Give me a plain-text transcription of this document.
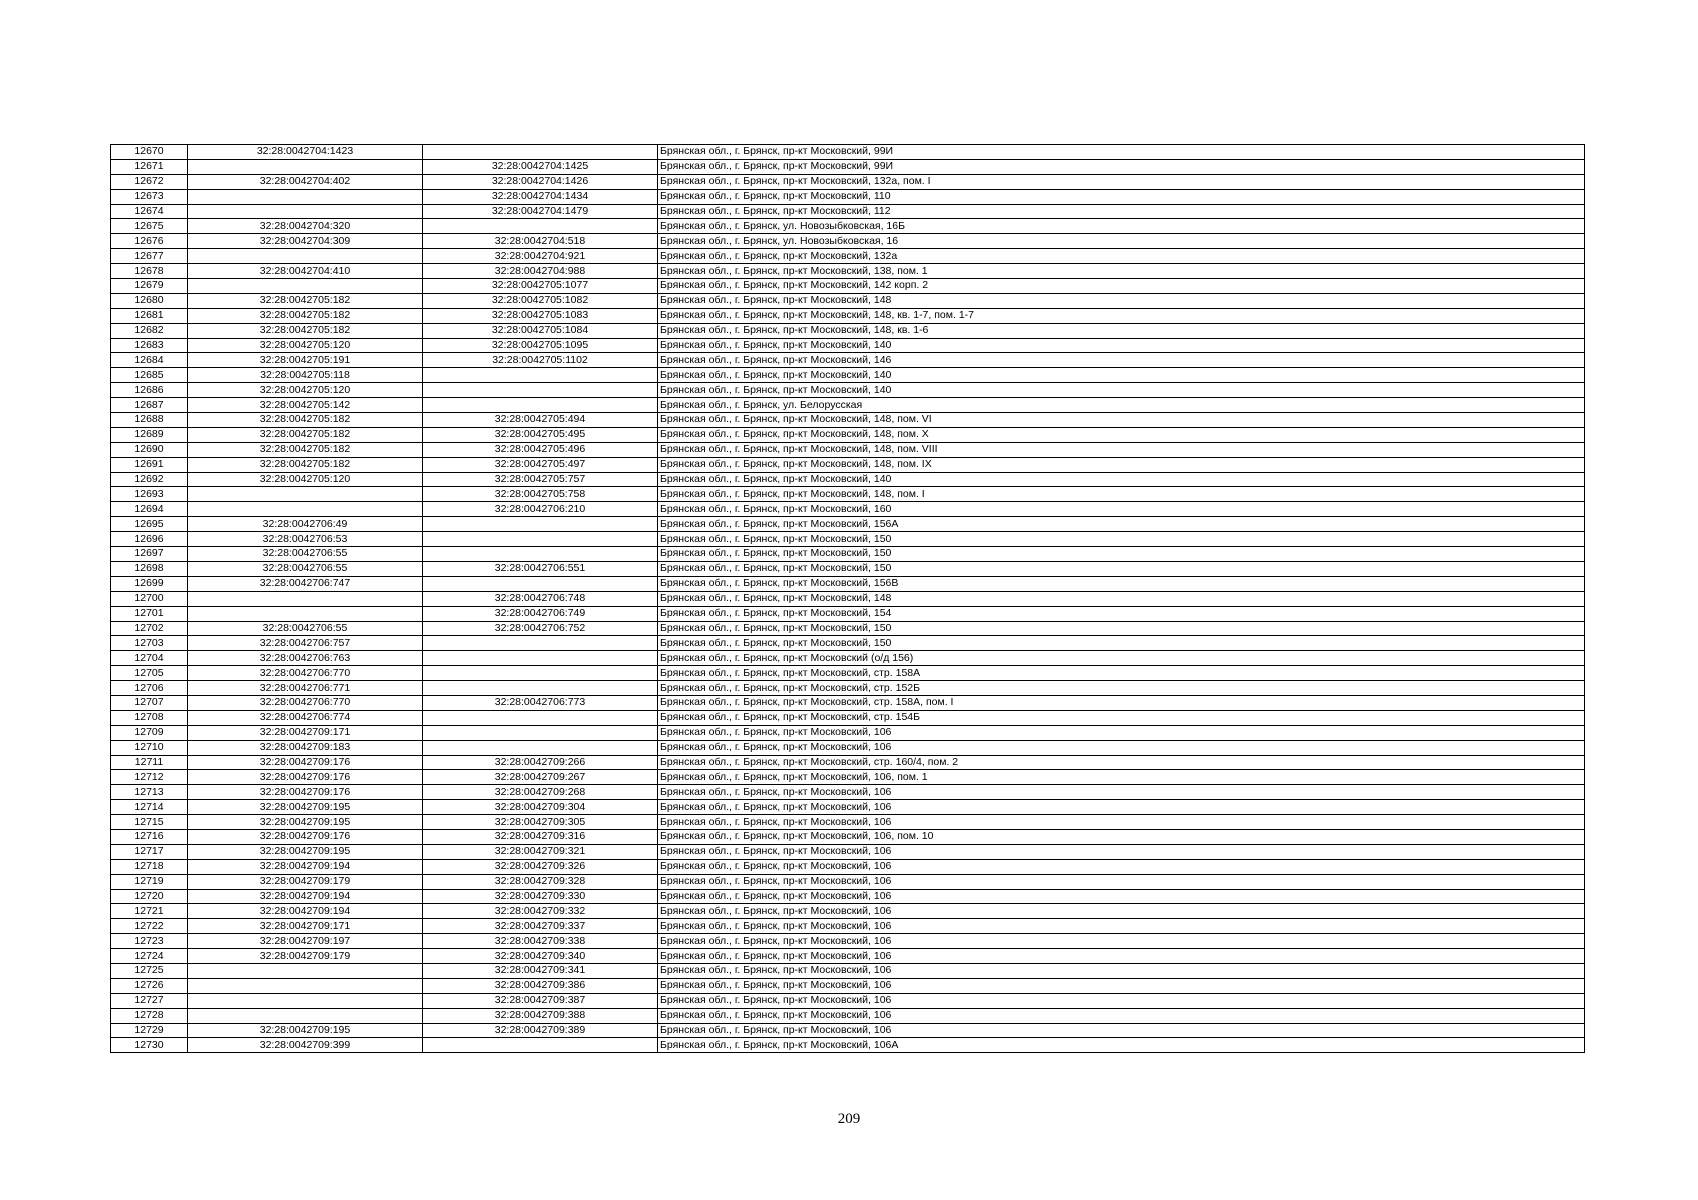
12670	32:28:0042704:1423		Брянская обл., г. Брянск, пр-кт Московский, 99И
12671		32:28:0042704:1425	Брянская обл., г. Брянск, пр-кт Московский, 99И
12672	32:28:0042704:402	32:28:0042704:1426	Брянская обл., г. Брянск, пр-кт Московский, 132а, пом. I
12673		32:28:0042704:1434	Брянская обл., г. Брянск, пр-кт Московский, 110
12674		32:28:0042704:1479	Брянская обл., г. Брянск, пр-кт Московский, 112
12675	32:28:0042704:320		Брянская обл., г. Брянск, ул. Новозыбковская, 16Б
12676	32:28:0042704:309	32:28:0042704:518	Брянская обл., г. Брянск, ул. Новозыбковская, 16
12677		32:28:0042704:921	Брянская обл., г. Брянск, пр-кт Московский, 132а
12678	32:28:0042704:410	32:28:0042704:988	Брянская обл., г. Брянск, пр-кт Московский, 138, пом. 1
12679		32:28:0042705:1077	Брянская обл., г. Брянск, пр-кт Московский, 142 корп. 2
12680	32:28:0042705:182	32:28:0042705:1082	Брянская обл., г. Брянск, пр-кт Московский, 148
12681	32:28:0042705:182	32:28:0042705:1083	Брянская обл., г. Брянск, пр-кт Московский, 148, кв. 1-7, пом. 1-7
12682	32:28:0042705:182	32:28:0042705:1084	Брянская обл., г. Брянск, пр-кт Московский, 148, кв. 1-6
12683	32:28:0042705:120	32:28:0042705:1095	Брянская обл., г. Брянск, пр-кт Московский, 140
12684	32:28:0042705:191	32:28:0042705:1102	Брянская обл., г. Брянск, пр-кт Московский, 146
12685	32:28:0042705:118		Брянская обл., г. Брянск, пр-кт Московский, 140
12686	32:28:0042705:120		Брянская обл., г. Брянск, пр-кт Московский, 140
12687	32:28:0042705:142		Брянская обл., г. Брянск, ул. Белорусская
12688	32:28:0042705:182	32:28:0042705:494	Брянская обл., г. Брянск, пр-кт Московский, 148, пом. VI
12689	32:28:0042705:182	32:28:0042705:495	Брянская обл., г. Брянск, пр-кт Московский, 148, пом. X
12690	32:28:0042705:182	32:28:0042705:496	Брянская обл., г. Брянск, пр-кт Московский, 148, пом. VIII
12691	32:28:0042705:182	32:28:0042705:497	Брянская обл., г. Брянск, пр-кт Московский, 148, пом. IX
12692	32:28:0042705:120	32:28:0042705:757	Брянская обл., г. Брянск, пр-кт Московский, 140
12693		32:28:0042705:758	Брянская обл., г. Брянск, пр-кт Московский, 148, пом. I
12694		32:28:0042706:210	Брянская обл., г. Брянск, пр-кт Московский, 160
12695	32:28:0042706:49		Брянская обл., г. Брянск, пр-кт Московский, 156А
12696	32:28:0042706:53		Брянская обл., г. Брянск, пр-кт Московский, 150
12697	32:28:0042706:55		Брянская обл., г. Брянск, пр-кт Московский, 150
12698	32:28:0042706:55	32:28:0042706:551	Брянская обл., г. Брянск, пр-кт Московский, 150
12699	32:28:0042706:747		Брянская обл., г. Брянск, пр-кт Московский, 156В
12700		32:28:0042706:748	Брянская обл., г. Брянск, пр-кт Московский, 148
12701		32:28:0042706:749	Брянская обл., г. Брянск, пр-кт Московский, 154
12702	32:28:0042706:55	32:28:0042706:752	Брянская обл., г. Брянск, пр-кт Московский, 150
12703	32:28:0042706:757		Брянская обл., г. Брянск, пр-кт Московский, 150
12704	32:28:0042706:763		Брянская обл., г. Брянск, пр-кт Московский (о/д 156)
12705	32:28:0042706:770		Брянская обл., г. Брянск, пр-кт Московский, стр. 158А
12706	32:28:0042706:771		Брянская обл., г. Брянск, пр-кт Московский, стр. 152Б
12707	32:28:0042706:770	32:28:0042706:773	Брянская обл., г. Брянск, пр-кт Московский, стр. 158А, пом. I
12708	32:28:0042706:774		Брянская обл., г. Брянск, пр-кт Московский, стр. 154Б
12709	32:28:0042709:171		Брянская обл., г. Брянск, пр-кт Московский, 106
12710	32:28:0042709:183		Брянская обл., г. Брянск, пр-кт Московский, 106
12711	32:28:0042709:176	32:28:0042709:266	Брянская обл., г. Брянск, пр-кт Московский, стр. 160/4, пом. 2
12712	32:28:0042709:176	32:28:0042709:267	Брянская обл., г. Брянск, пр-кт Московский, 106, пом. 1
12713	32:28:0042709:176	32:28:0042709:268	Брянская обл., г. Брянск, пр-кт Московский, 106
12714	32:28:0042709:195	32:28:0042709:304	Брянская обл., г. Брянск, пр-кт Московский, 106
12715	32:28:0042709:195	32:28:0042709:305	Брянская обл., г. Брянск, пр-кт Московский, 106
12716	32:28:0042709:176	32:28:0042709:316	Брянская обл., г. Брянск, пр-кт Московский, 106, пом. 10
12717	32:28:0042709:195	32:28:0042709:321	Брянская обл., г. Брянск, пр-кт Московский, 106
12718	32:28:0042709:194	32:28:0042709:326	Брянская обл., г. Брянск, пр-кт Московский, 106
12719	32:28:0042709:179	32:28:0042709:328	Брянская обл., г. Брянск, пр-кт Московский, 106
12720	32:28:0042709:194	32:28:0042709:330	Брянская обл., г. Брянск, пр-кт Московский, 106
12721	32:28:0042709:194	32:28:0042709:332	Брянская обл., г. Брянск, пр-кт Московский, 106
12722	32:28:0042709:171	32:28:0042709:337	Брянская обл., г. Брянск, пр-кт Московский, 106
12723	32:28:0042709:197	32:28:0042709:338	Брянская обл., г. Брянск, пр-кт Московский, 106
12724	32:28:0042709:179	32:28:0042709:340	Брянская обл., г. Брянск, пр-кт Московский, 106
12725		32:28:0042709:341	Брянская обл., г. Брянск, пр-кт Московский, 106
12726		32:28:0042709:386	Брянская обл., г. Брянск, пр-кт Московский, 106
12727		32:28:0042709:387	Брянская обл., г. Брянск, пр-кт Московский, 106
12728		32:28:0042709:388	Брянская обл., г. Брянск, пр-кт Московский, 106
12729	32:28:0042709:195	32:28:0042709:389	Брянская обл., г. Брянск, пр-кт Московский, 106
12730	32:28:0042709:399		Брянская обл., г. Брянск, пр-кт Московский, 106А
209
